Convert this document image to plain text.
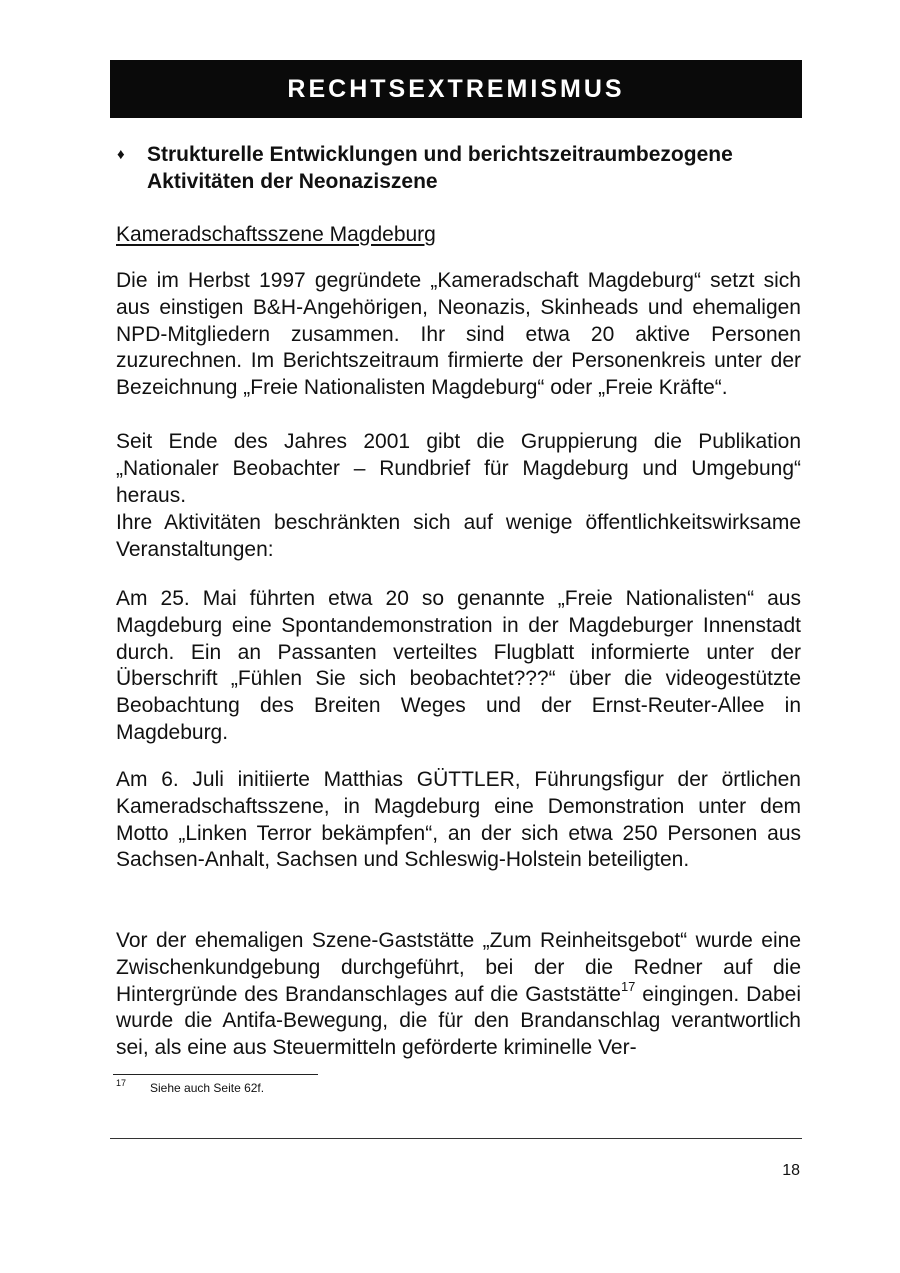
RECHTSEXTREMISMUS
♦	Strukturelle Entwicklungen und berichtszeitraumbezogene Aktivitäten der Neonaziszene
Kameradschaftsszene Magdeburg

Die im Herbst 1997 gegründete „Kameradschaft Magdeburg“ setzt sich aus einstigen B&H-Angehörigen, Neonazis, Skinheads und ehemaligen NPD-Mitgliedern zusammen. Ihr sind etwa 20 aktive Personen zuzurechnen. Im Berichtszeitraum firmierte der Personenkreis unter der Bezeichnung „Freie Nationalisten Magdeburg“ oder „Freie Kräfte“.

Seit Ende des Jahres 2001 gibt die Gruppierung die Publikation „Nationaler Beobachter – Rundbrief für Magdeburg und Umgebung“ heraus.

Ihre Aktivitäten beschränkten sich auf wenige öffentlichkeitswirksame Veranstaltungen:

Am 25. Mai führten etwa 20 so genannte „Freie Nationalisten“ aus Magdeburg eine Spontandemonstration in der Magdeburger Innenstadt durch. Ein an Passanten verteiltes Flugblatt informierte unter der Überschrift „Fühlen Sie sich beobachtet???“ über die videogestützte Beobachtung des Breiten Weges und der Ernst-Reuter-Allee in Magdeburg.

Am 6. Juli initiierte Matthias GÜTTLER, Führungsfigur der örtlichen Kameradschaftsszene, in Magdeburg eine Demonstration unter dem Motto „Linken Terror bekämpfen“, an der sich etwa 250 Personen aus Sachsen-Anhalt, Sachsen und Schleswig-Holstein beteiligten.

Vor der ehemaligen Szene-Gaststätte „Zum Reinheitsgebot“ wurde eine Zwischenkundgebung durchgeführt, bei der die Redner auf die Hintergründe des Brandanschlages auf die Gaststätte$^{17}$ eingingen. Dabei wurde die Antifa-Bewegung, die für den Brandanschlag verantwortlich sei, als eine aus Steuermitteln geförderte kriminelle Ver-

17 Siehe auch Seite 62f.
18
